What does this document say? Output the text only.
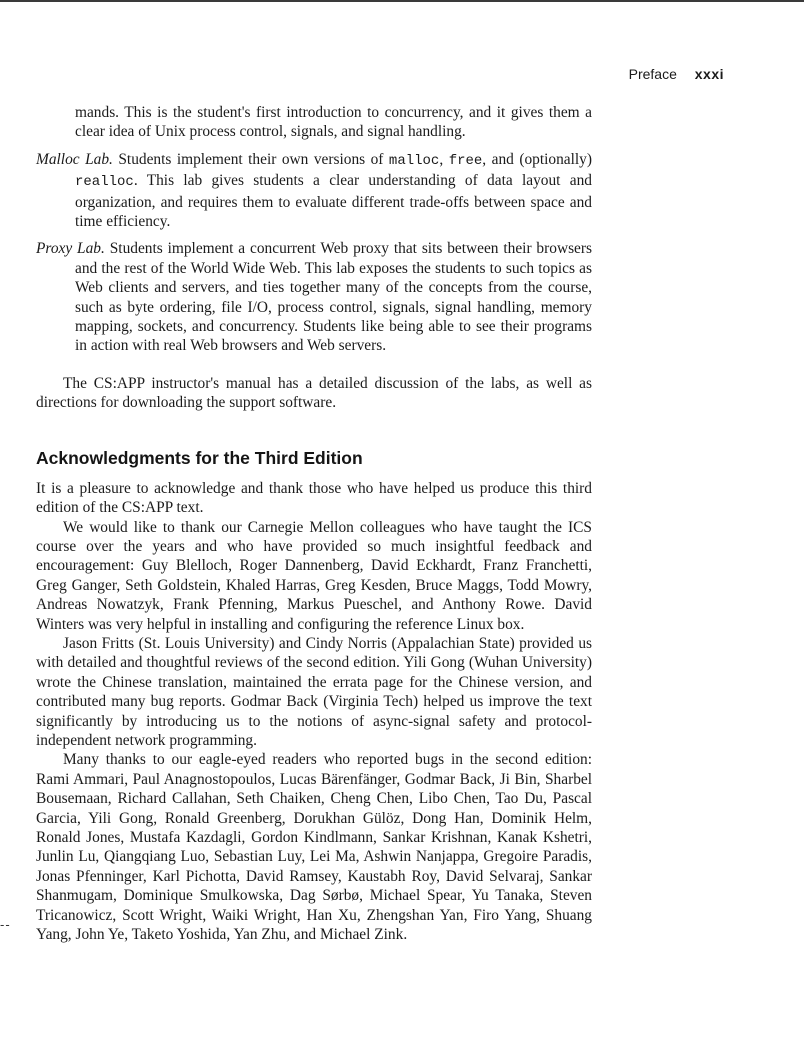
Preface xxxi
--

mands. This is the student's first introduction to concurrency, and it gives them a clear idea of Unix process control, signals, and signal handling.

Malloc Lab. Students implement their own versions of malloc, free, and (optionally) realloc. This lab gives students a clear understanding of data layout and organization, and requires them to evaluate different trade-offs between space and time efficiency.

Proxy Lab. Students implement a concurrent Web proxy that sits between their browsers and the rest of the World Wide Web. This lab exposes the students to such topics as Web clients and servers, and ties together many of the concepts from the course, such as byte ordering, file I/O, process control, signals, signal handling, memory mapping, sockets, and concurrency. Students like being able to see their programs in action with real Web browsers and Web servers.

The CS:APP instructor's manual has a detailed discussion of the labs, as well as directions for downloading the support software.

Acknowledgments for the Third Edition

It is a pleasure to acknowledge and thank those who have helped us produce this third edition of the CS:APP text.

We would like to thank our Carnegie Mellon colleagues who have taught the ICS course over the years and who have provided so much insightful feedback and encouragement: Guy Blelloch, Roger Dannenberg, David Eckhardt, Franz Franchetti, Greg Ganger, Seth Goldstein, Khaled Harras, Greg Kesden, Bruce Maggs, Todd Mowry, Andreas Nowatzyk, Frank Pfenning, Markus Pueschel, and Anthony Rowe. David Winters was very helpful in installing and configuring the reference Linux box.

Jason Fritts (St. Louis University) and Cindy Norris (Appalachian State) provided us with detailed and thoughtful reviews of the second edition. Yili Gong (Wuhan University) wrote the Chinese translation, maintained the errata page for the Chinese version, and contributed many bug reports. Godmar Back (Virginia Tech) helped us improve the text significantly by introducing us to the notions of async-signal safety and protocol-independent network programming.

Many thanks to our eagle-eyed readers who reported bugs in the second edition: Rami Ammari, Paul Anagnostopoulos, Lucas Bärenfänger, Godmar Back, Ji Bin, Sharbel Bousemaan, Richard Callahan, Seth Chaiken, Cheng Chen, Libo Chen, Tao Du, Pascal Garcia, Yili Gong, Ronald Greenberg, Dorukhan Gülöz, Dong Han, Dominik Helm, Ronald Jones, Mustafa Kazdagli, Gordon Kindlmann, Sankar Krishnan, Kanak Kshetri, Junlin Lu, Qiangqiang Luo, Sebastian Luy, Lei Ma, Ashwin Nanjappa, Gregoire Paradis, Jonas Pfenninger, Karl Pichotta, David Ramsey, Kaustabh Roy, David Selvaraj, Sankar Shanmugam, Dominique Smulkowska, Dag Sørbø, Michael Spear, Yu Tanaka, Steven Tricanowicz, Scott Wright, Waiki Wright, Han Xu, Zhengshan Yan, Firo Yang, Shuang Yang, John Ye, Taketo Yoshida, Yan Zhu, and Michael Zink.
